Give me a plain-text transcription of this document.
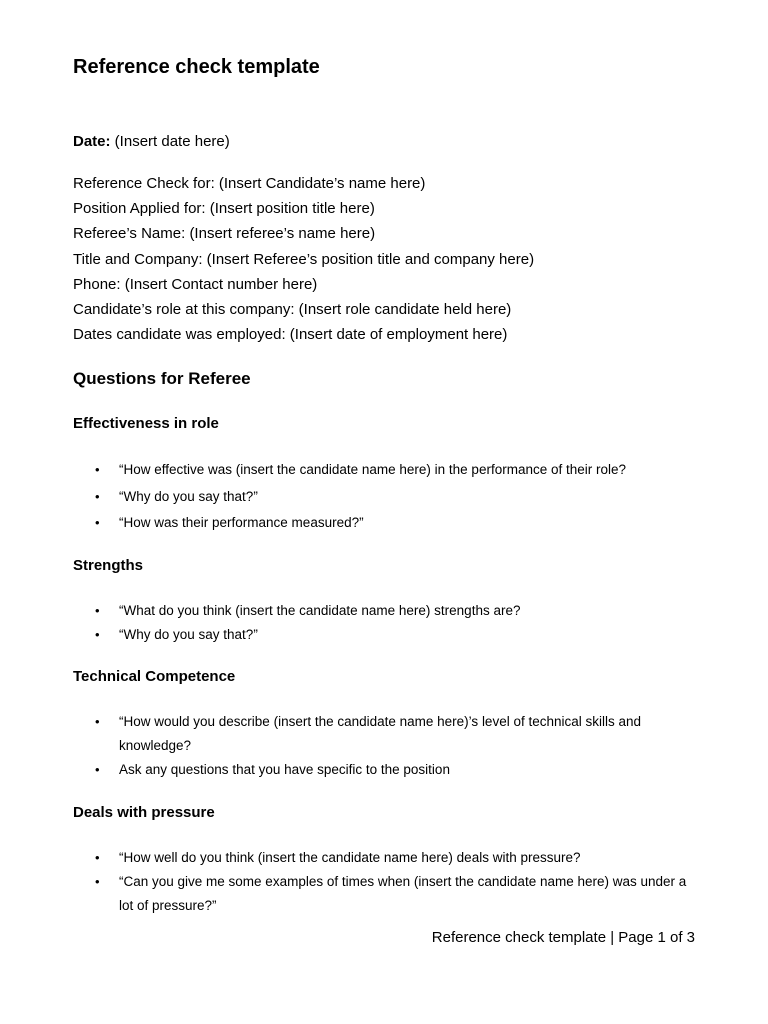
Reference check template
Date: (Insert date here)
Reference Check for: (Insert Candidate’s name here)
Position Applied for: (Insert position title here)
Referee’s Name: (Insert referee’s name here)
Title and Company: (Insert Referee’s position title and company here)
Phone: (Insert Contact number here)
Candidate’s role at this company: (Insert role candidate held here)
Dates candidate was employed: (Insert date of employment here)
Questions for Referee
Effectiveness in role
• “How effective was (insert the candidate name here) in the performance of their role?
• “Why do you say that?”
• “How was their performance measured?”
Strengths
• “What do you think (insert the candidate name here) strengths are?
• “Why do you say that?”
Technical Competence
• “How would you describe (insert the candidate name here)’s level of technical skills and knowledge?
• Ask any questions that you have specific to the position
Deals with pressure
• “How well do you think (insert the candidate name here) deals with pressure?
• “Can you give me some examples of times when (insert the candidate name here) was under a lot of pressure?”
Reference check template | Page 1 of 3
